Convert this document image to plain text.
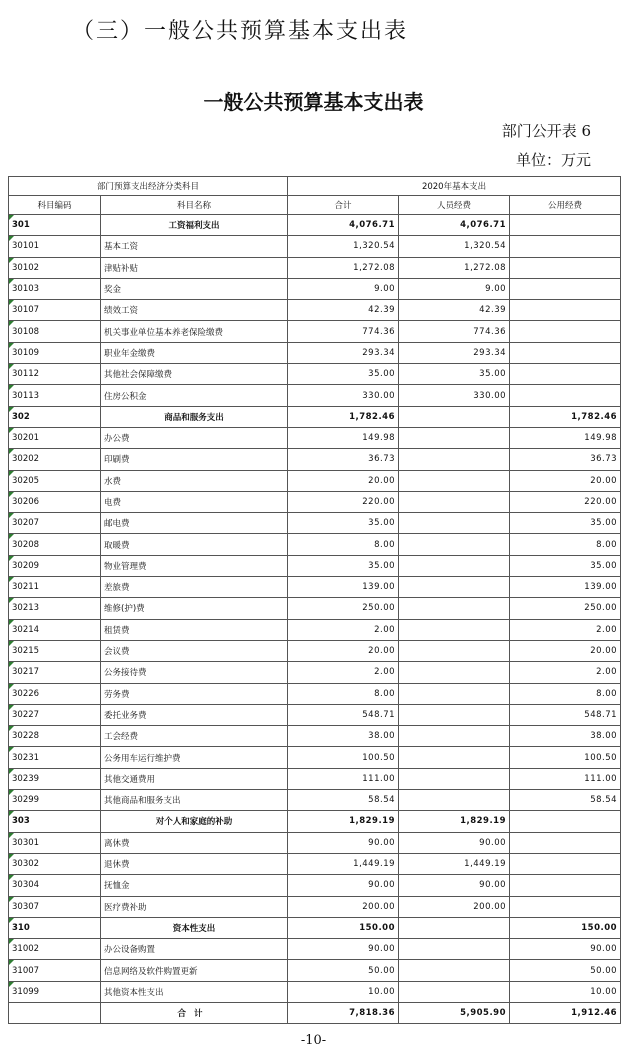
（三）一般公共预算基本支出表
一般公共预算基本支出表
部门公开表 6
单位：万元
部门预算支出经济分类科目		2020年基本支出		
科目编码	科目名称	合计	人员经费	公用经费
301	工资福利支出	4,076.71	4,076.71	
30101	基本工资	1,320.54	1,320.54	
30102	津贴补贴	1,272.08	1,272.08	
30103	奖金	9.00	9.00	
30107	绩效工资	42.39	42.39	
30108	机关事业单位基本养老保险缴费	774.36	774.36	
30109	职业年金缴费	293.34	293.34	
30112	其他社会保障缴费	35.00	35.00	
30113	住房公积金	330.00	330.00	
302	商品和服务支出	1,782.46		1,782.46
30201	办公费	149.98		149.98
30202	印刷费	36.73		36.73
30205	水费	20.00		20.00
30206	电费	220.00		220.00
30207	邮电费	35.00		35.00
30208	取暖费	8.00		8.00
30209	物业管理费	35.00		35.00
30211	差旅费	139.00		139.00
30213	维修(护)费	250.00		250.00
30214	租赁费	2.00		2.00
30215	会议费	20.00		20.00
30217	公务接待费	2.00		2.00
30226	劳务费	8.00		8.00
30227	委托业务费	548.71		548.71
30228	工会经费	38.00		38.00
30231	公务用车运行维护费	100.50		100.50
30239	其他交通费用	111.00		111.00
30299	其他商品和服务支出	58.54		58.54
303	对个人和家庭的补助	1,829.19	1,829.19	
30301	离休费	90.00	90.00	
30302	退休费	1,449.19	1,449.19	
30304	抚恤金	90.00	90.00	
30307	医疗费补助	200.00	200.00	
310	资本性支出	150.00		150.00
31002	办公设备购置	90.00		90.00
31007	信息网络及软件购置更新	50.00		50.00
31099	其他资本性支出	10.00		10.00
	合计	7,818.36	5,905.90	1,912.46
-10-
